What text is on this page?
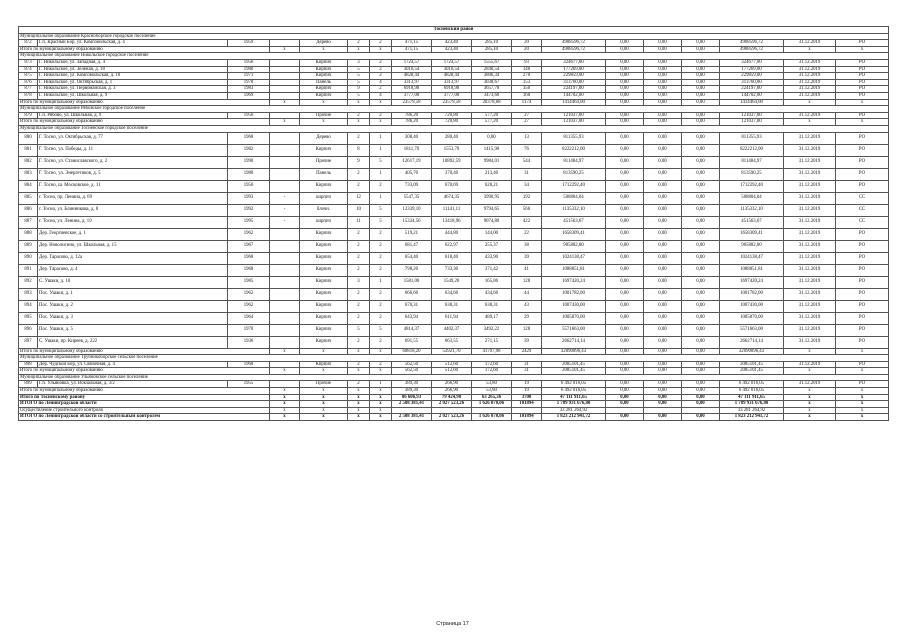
Тосненский район																	
Муниципальное образование Красноборское городское поселение																	
872	Г.п. Красный Бор, ул. Комсомольская, д. 4	1959		Дерево	2	2	471,15	423,40	285,10	20	4908596,72	0,00	0,00	0,00	4908596,72	31.12.2019	РО
Итого по муниципальному образованию			x	x	x	x	471,15	423,40	285,10	20	4908596,72	0,00	0,00	0,00	4908596,72	x	x
Муниципальное образование Никольское городское поселение																	
873	Г. Никольское, ул. Западная, д. 4	1956		Кирпич	3	2	1724,57	1724,57	1555,67	93	324677,00	0,00	0,00	0,00	324677,00	31.12.2019	РО
874	Г. Никольское, ул. Зеленая, д. 18	1980		Кирпич	5	2	3016,54	3016,54	2840,54	148	177269,00	0,00	0,00	0,00	177269,00	31.12.2019	РО
875	Г. Никольское, ул. Комсомольская, д. 18	1971		Кирпич	5	2	4828,44	4828,44	3806,34	270	229859,00	0,00	0,00	0,00	229859,00	31.12.2019	РО
876	Г. Никольское, ул. Октябрьская, д. 1	1978		Панель	5	4	3313,97	3313,97	3038,67	153	313760,00	0,00	0,00	0,00	313760,00	31.12.2019	РО
877	Г. Никольское, ул. Первомайская, д. 3	1983		Кирпич	9	2	6918,98	6918,98	3657,78	350	224197,00	0,00	0,00	0,00	224197,00	31.12.2019	РО
878	Г. Никольское, ул. Школьная, д. 9	1969		Кирпич	5	4	3777,08	3777,08	3473,68	160	144702,00	0,00	0,00	0,00	144702,00	31.12.2019	РО
Итого по муниципальному образованию			x	x	x	x	23579,58	23579,58	20378,68	1174	1414464,00	0,00	0,00	0,00	1414464,00	x	x
Муниципальное образование Рябовское городское поселение																	
879	Г.п. Рябово, ул. Школьная, д. 9	1956		Прочие	2	2	786,20	720,80	577,20	27	121037,00	0,00	0,00	0,00	121037,00	31.12.2019	РО
Итого по муниципальному образованию			x	x	x	x	786,20	720,80	577,20	27	121037,00	0,00	0,00	0,00	121037,00	x	x
Муниципальное образование Тосненское городское поселение																	
880	Г. Тосно, ул. Октябрьская, д. 77	1968		Дерево	2	1	308,40	280,40	0,00	13	811355,93	0,00	0,00	0,00	811355,93	31.12.2019	РО
881	Г. Тосно, ул. Победы, д. 11	1982		Кирпич	8	1	1811,70	1553,70	1415,90	76	8222212,00	0,00	0,00	0,00	8222212,00	31.12.2019	РО
882	Г. Тосно, ул. Станиславского, д. 2	1990		Прочие	9	5	12617,19	10892,59	9984,01	544	811484,97	0,00	0,00	0,00	811484,97	31.12.2019	РО
883	Г. Тосно, ул. Энергетиков, д. 5	1980		Панель	2	1	405,70	370,40	213,40	31	813590,25	0,00	0,00	0,00	813590,25	31.12.2019	РО
884	Г. Тосно, ш. Московское, д. 11	1956		Кирпич	2	2	733,09	670,69	628,21	34	1712292,40	0,00	0,00	0,00	1712292,40	31.12.2019	РО
885	г. Тосно, пр. Ленина, д. 69	1993	-	кирпич	12	1	5547,35	4674,35	3990,95	192	508804,04	0,00	0,00	0,00	508804,04	31.12.2019	СС
886	г. Тосно, ул. Блинникова, д. 8	1992	-	блочн.	10	5	12339,10	11141,11	9794,65	566	1135332,10	0,00	0,00	0,00	1135332,10	31.12.2019	СС
887	г. Тосно, ул. Ленина, д. 19	1995	-	кирпич	11	5	15334,56	13418,96	9074,80	422	451563,67	0,00	0,00	0,00	451563,67	31.12.2019	СС
888	Дер. Георгиевское, д. 1	1962		Кирпич	2	2	519,21	444,80	144,00	22	1658309,41	0,00	0,00	0,00	1658309,41	31.12.2019	РО
889	Дер. Новолисино, ул. Школьная, д. 15	1967		Кирпич	2	2	681,47	622,97	255,37	38	905882,00	0,00	0,00	0,00	905882,00	31.12.2019	РО
890	Дер. Тарасово, д. 12а	1968		Кирпич	2	2	654,40	618,40	433,90	39	1024138,47	0,00	0,00	0,00	1024138,47	31.12.2019	РО
891	Дер. Тарасово, д. 4	1968		Кирпич	2	2	798,20	733,30	371,42	41	1088851,81	0,00	0,00	0,00	1088851,81	31.12.2019	РО
892	С. Ушаки, д. 10	1985		Кирпич	3	1	1581,00	1549,20	165,86	128	1697420,24	0,00	0,00	0,00	1697420,24	31.12.2019	РО
893	Пос. Ушаки, д. 1	1962		Кирпич	2	2	666,66	634,66	434,66	44	1001782,00	0,00	0,00	0,00	1001782,00	31.12.2019	РО
894	Пос. Ушаки, д. 2	1962		Кирпич	2	2	670,31	638,31	638,31	43	1007430,00	0,00	0,00	0,00	1007430,00	31.12.2019	РО
895	Пос. Ушаки, д. 3	1964		Кирпич	2	2	643,94	611,94	489,17	29	1005870,00	0,00	0,00	0,00	1005870,00	31.12.2019	РО
896	Пос. Ушаки, д. 5	1970		Кирпич	5	5	4814,37	4402,37	3492,22	128	5571663,00	0,00	0,00	0,00	5571663,00	31.12.2019	РО
897	С. Ушаки, пр. Киреев, д. 222	1936		Кирпич	2	2	691,55	663,55	271,15	39	2662714,14	0,00	0,00	0,00	2662714,14	31.12.2019	РО
Итого по муниципальному образованию			x	x	x	x	60818,20	53921,70	41797,98	2429	32090096,43	0,00	0,00	0,00	32090096,43	x	x
Муниципальное образование Трубникоборское сельское поселение																	
898	Дер. Чудской Бор, ул. Связочная, д. 4	1968		Кирпич	2	2	562,50	512,60	172,60	31	2085101,45	0,00	0,00	0,00	2085101,45	31.12.2019	РО
Итого по муниципальному образованию			x	x	x	x	562,50	512,60	172,60	31	2085101,45	0,00	0,00	0,00	2085101,45	x	x
Муниципальное образование Ульяновское сельское поселение																	
899	Г.п. Ульяновка, ул. Вокзальная, д. 3/2	1955		Прочие	2	1	389,30	266,90	53,80	19	6 492 016,05	0,00	0,00	0,00	6 492 016,05	31.12.2019	РО
Итого по муниципальному образованию			x	x	x	x	389,30	266,90	53,80	19	6 492 016,05	0,00	0,00	0,00	6 492 016,05	x	x
Итого по Тосненскому району			x	x	x	x	86 606,93	79 424,98	63 265,36	3700	47 111 911,65	0,00	0,00	0,00	47 111 911,65	x	x
ИТОГО по Ленинградской области			x	x	x	x	2 508 381,41	2 027 523,26	1 626 070,06	101894	1 789 931 676,80	0,00	0,00	0,00	1 789 931 676,80	x	x
Осуществление строительного контроля			x	x	x	x					33 281 264,92				33 281 264,92	x	x
ИТОГО по Ленинградской области со строительным контролем			x	x	x	x	2 508 381,41	2 027 523,26	1 626 070,06	101894	1 823 212 941,72	0,00	0,00	0,00	1 823 212 941,72	x	x
Страница 17
